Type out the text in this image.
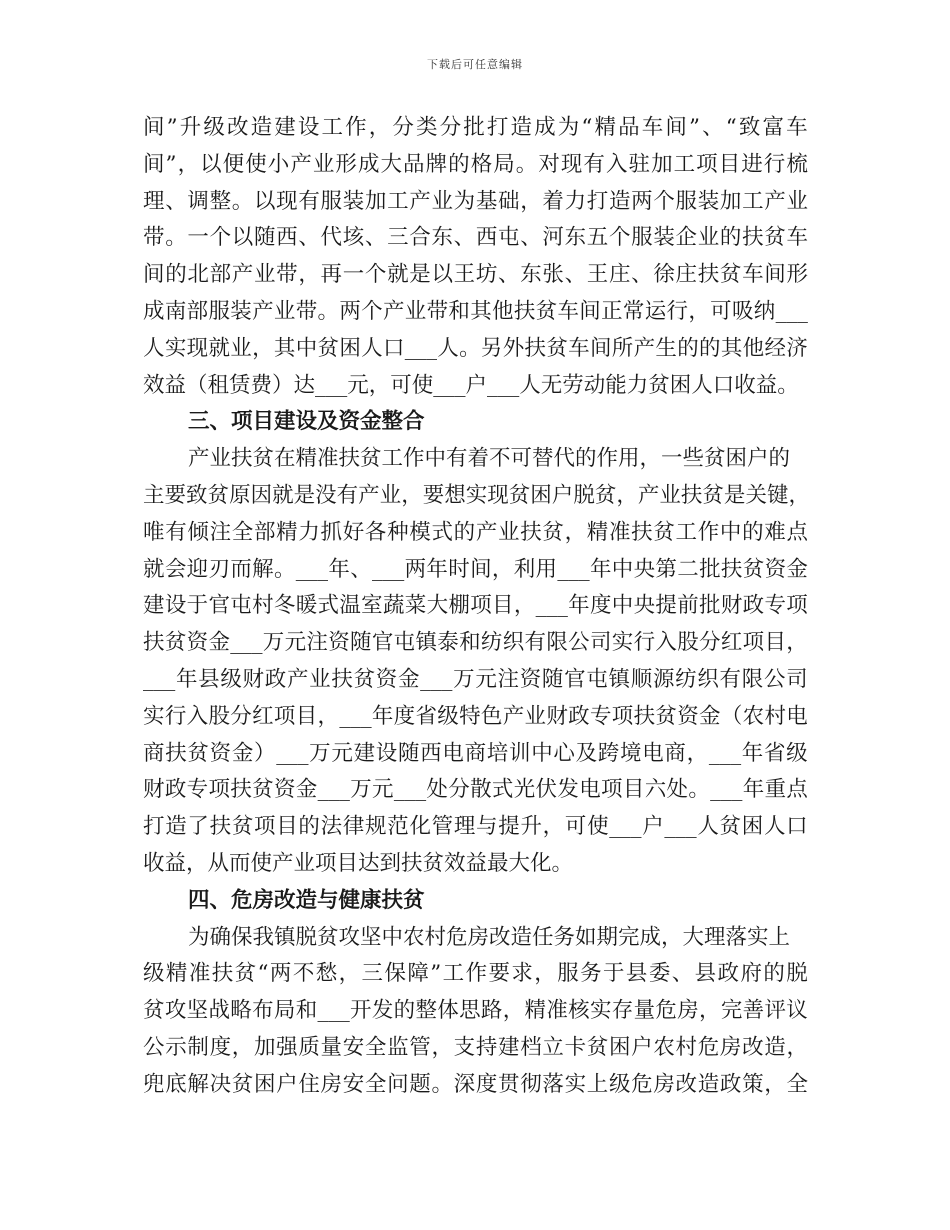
下载后可任意编辑
间 ” 升 级 改 造 建 设 工 作 ， 分 类 分 批 打 造 成 为 “ 精 品 车 间 ” 、 “ 致 富 车
间 ” ， 以 便 使 小 产 业 形 成 大 品 牌 的 格 局 。 对 现 有 入 驻 加 工 项 目 进 行 梳
理 、 调 整 。 以 现 有 服 装 加 工 产 业 为 基 础 ， 着 力 打 造 两 个 服 装 加 工 产 业
带 。 一 个 以 随 西 、 代 垓 、 三 合 东 、 西 屯 、 河 东 五 个 服 装 企 业 的 扶 贫 车
间 的 北 部 产 业 带 ， 再 一 个 就 是 以 王 坊 、 东 张 、 王 庄 、 徐 庄 扶 贫 车 间 形
成 南 部 服 装 产 业 带 。 两 个 产 业 带 和 其 他 扶 贫 车 间 正 常 运 行 ， 可 吸 纳 ___
人 实 现 就 业 ， 其 中 贫 困 人 口 ___ 人 。 另 外 扶 贫 车 间 所 产 生 的 的 其 他 经 济
效益（租赁费）达___元，可使___户___人无劳动能力贫困人口收益。
三、项目建设及资金整合
产业扶贫在精准扶贫工作中有着不可替代的作用，一些贫困户的
主 要 致 贫 原 因 就 是 没 有 产 业 ， 要 想 实 现 贫 困 户 脱 贫 ， 产 业 扶 贫 是 关 键 ，
唯 有 倾 注 全 部 精 力 抓 好 各 种 模 式 的 产 业 扶 贫 ， 精 准 扶 贫 工 作 中 的 难 点
就 会 迎 刃 而 解 。 ___ 年 、 ___ 两 年 时 间 ， 利 用 ___ 年 中 央 第 二 批 扶 贫 资 金
建 设 于 官 屯 村 冬 暖 式 温 室 蔬 菜 大 棚 项 目 ， ___ 年 度 中 央 提 前 批 财 政 专 项
扶 贫 资 金 ___ 万 元 注 资 随 官 屯 镇 泰 和 纺 织 有 限 公 司 实 行 入 股 分 红 项 目 ，
___ 年 县 级 财 政 产 业 扶 贫 资 金 ___ 万 元 注 资 随 官 屯 镇 顺 源 纺 织 有 限 公 司
实 行 入 股 分 红 项 目 ， ___ 年 度 省 级 特 色 产 业 财 政 专 项 扶 贫 资 金 （ 农 村 电
商 扶 贫 资 金 ） ___ 万 元 建 设 随 西 电 商 培 训 中 心 及 跨 境 电 商 ， ___ 年 省 级
财 政 专 项 扶 贫 资 金 ___ 万 元 ___ 处 分 散 式 光 伏 发 电 项 目 六 处 。 ___ 年 重 点
打 造 了 扶 贫 项 目 的 法 律 规 范 化 管 理 与 提 升 ， 可 使 ___ 户 ___ 人 贫 困 人 口
收益，从而使产业项目达到扶贫效益最大化。
四、危房改造与健康扶贫
为确保我镇脱贫攻坚中农村危房改造任务如期完成，大理落实上
级 精 准 扶 贫 “ 两 不 愁 ， 三 保 障 ” 工 作 要 求 ， 服 务 于 县 委 、 县 政 府 的 脱
贫 攻 坚 战 略 布 局 和 ___ 开 发 的 整 体 思 路 ， 精 准 核 实 存 量 危 房 ， 完 善 评 议
公 示 制 度 ， 加 强 质 量 安 全 监 管 ， 支 持 建 档 立 卡 贫 困 户 农 村 危 房 改 造 ，
兜 底 解 决 贫 困 户 住 房 安 全 问 题 。 深 度 贯 彻 落 实 上 级 危 房 改 造 政 策 ， 全
